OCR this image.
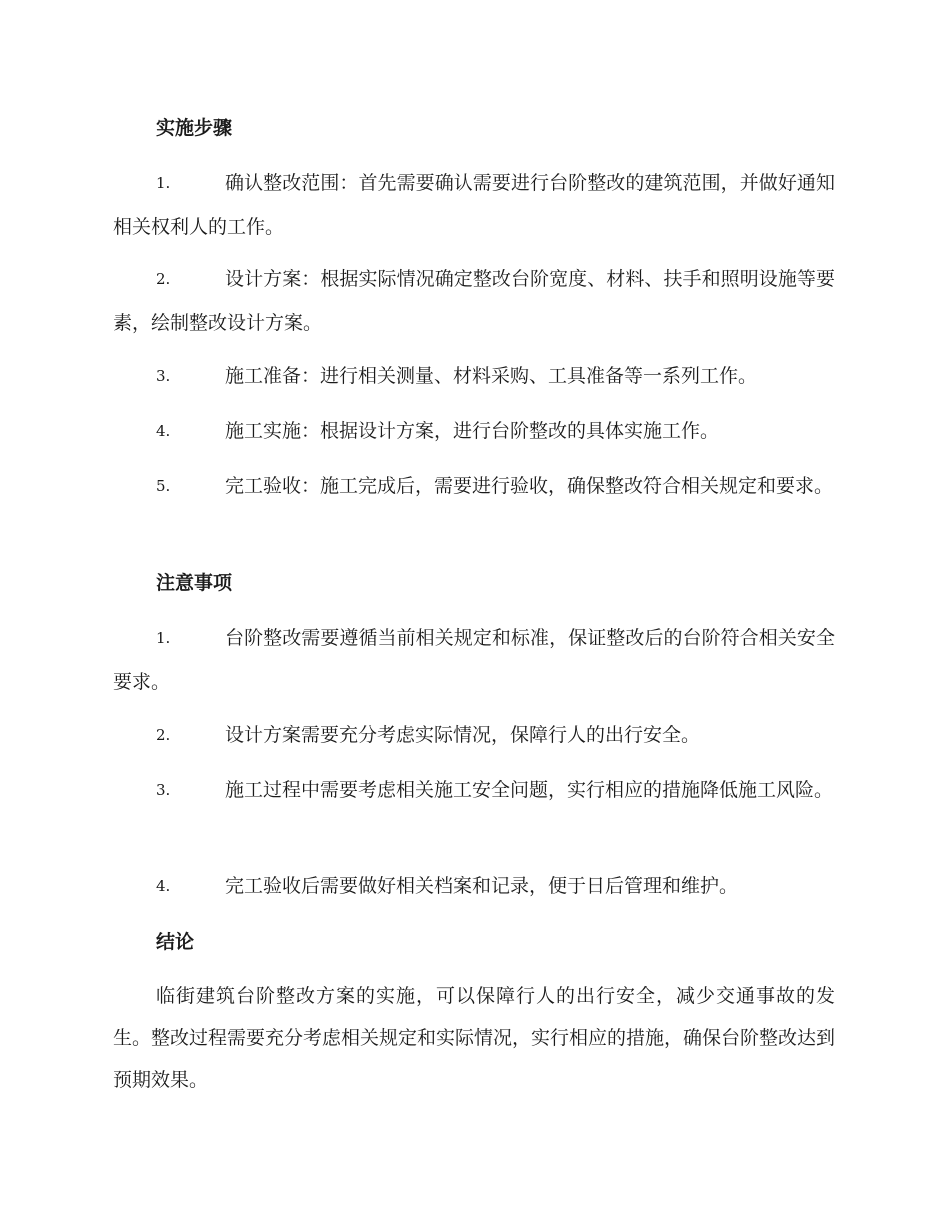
实施步骤
1.	确认整改范围：首先需要确认需要进行台阶整改的建筑范围，并做好通知相关权利人的工作。
2.	设计方案：根据实际情况确定整改台阶宽度、材料、扶手和照明设施等要素，绘制整改设计方案。
3.	施工准备：进行相关测量、材料采购、工具准备等一系列工作。
4.	施工实施：根据设计方案，进行台阶整改的具体实施工作。
5.	完工验收：施工完成后，需要进行验收，确保整改符合相关规定和要求。
注意事项
1.	台阶整改需要遵循当前相关规定和标准，保证整改后的台阶符合相关安全要求。
2.	设计方案需要充分考虑实际情况，保障行人的出行安全。
3.	施工过程中需要考虑相关施工安全问题，实行相应的措施降低施工风险。
4.	完工验收后需要做好相关档案和记录，便于日后管理和维护。
结论
临街建筑台阶整改方案的实施，可以保障行人的出行安全，减少交通事故的发生。整改过程需要充分考虑相关规定和实际情况，实行相应的措施，确保台阶整改达到预期效果。
